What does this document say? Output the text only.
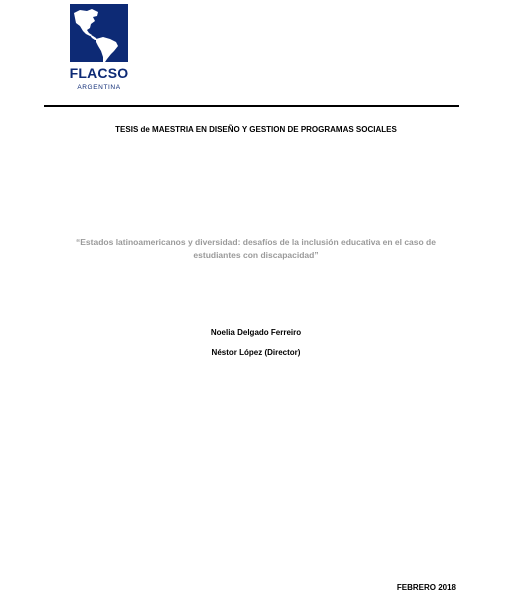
FLACSO
ARGENTINA
TESIS de MAESTRIA EN DISEÑO Y GESTION DE PROGRAMAS SOCIALES
“Estados latinoamericanos y diversidad: desafíos de la inclusión educativa en el caso de estudiantes con discapacidad”
Noelia Delgado Ferreiro
Néstor López (Director)
FEBRERO 2018
